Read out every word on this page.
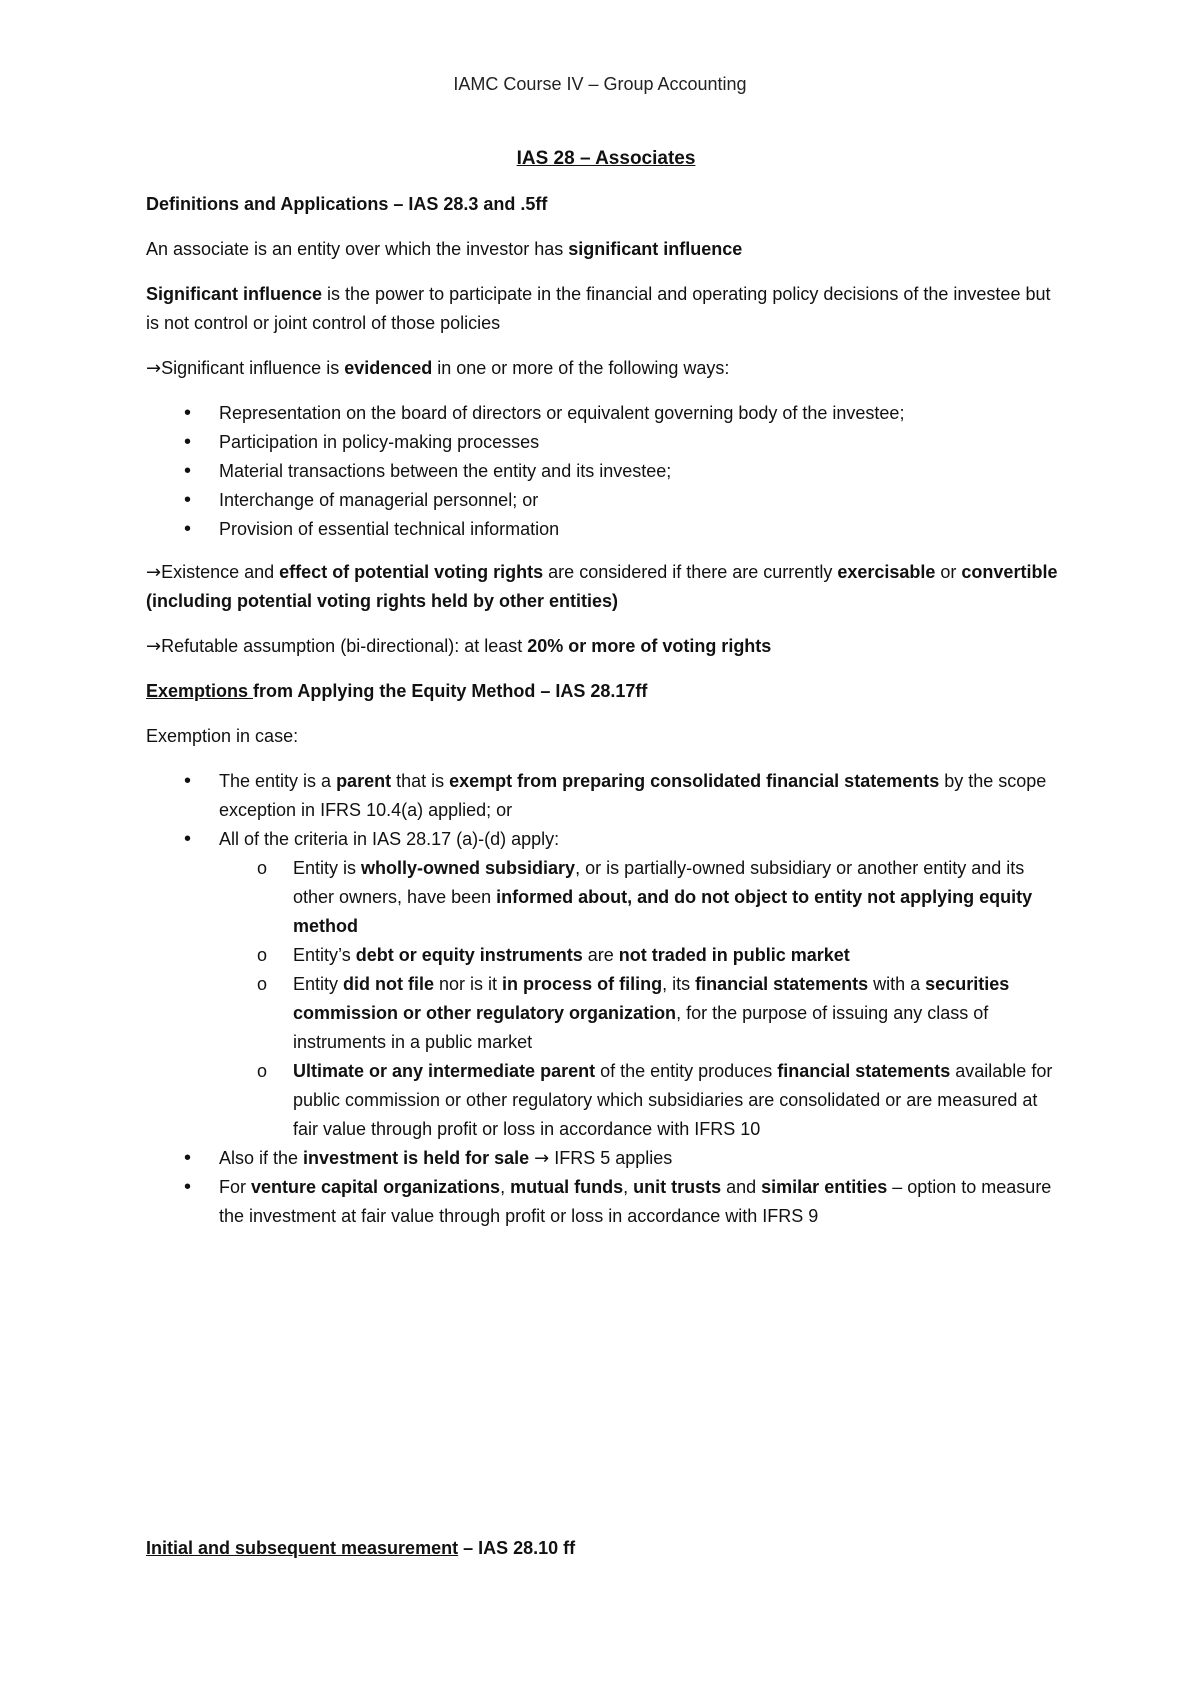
IAMC Course IV – Group Accounting
IAS 28 – Associates

Definitions and Applications – IAS 28.3 and .5ff

An associate is an entity over which the investor has significant influence

Significant influence is the power to participate in the financial and operating policy decisions of the investee but is not control or joint control of those policies

→Significant influence is evidenced in one or more of the following ways:

• Representation on the board of directors or equivalent governing body of the investee;
• Participation in policy-making processes
• Material transactions between the entity and its investee;
• Interchange of managerial personnel; or
• Provision of essential technical information

→Existence and effect of potential voting rights are considered if there are currently exercisable or convertible (including potential voting rights held by other entities)

→Refutable assumption (bi-directional): at least 20% or more of voting rights

Exemptions from Applying the Equity Method – IAS 28.17ff

Exemption in case:

• The entity is a parent that is exempt from preparing consolidated financial statements by the scope exception in IFRS 10.4(a) applied; or
• All of the criteria in IAS 28.17 (a)-(d) apply:
o Entity is wholly-owned subsidiary, or is partially-owned subsidiary or another entity and its other owners, have been informed about, and do not object to entity not applying equity method
o Entity’s debt or equity instruments are not traded in public market
o Entity did not file nor is it in process of filing, its financial statements with a securities commission or other regulatory organization, for the purpose of issuing any class of instruments in a public market
o Ultimate or any intermediate parent of the entity produces financial statements available for public commission or other regulatory which subsidiaries are consolidated or are measured at fair value through profit or loss in accordance with IFRS 10
• Also if the investment is held for sale → IFRS 5 applies
• For venture capital organizations, mutual funds, unit trusts and similar entities – option to measure the investment at fair value through profit or loss in accordance with IFRS 9
Initial and subsequent measurement – IAS 28.10 ff
